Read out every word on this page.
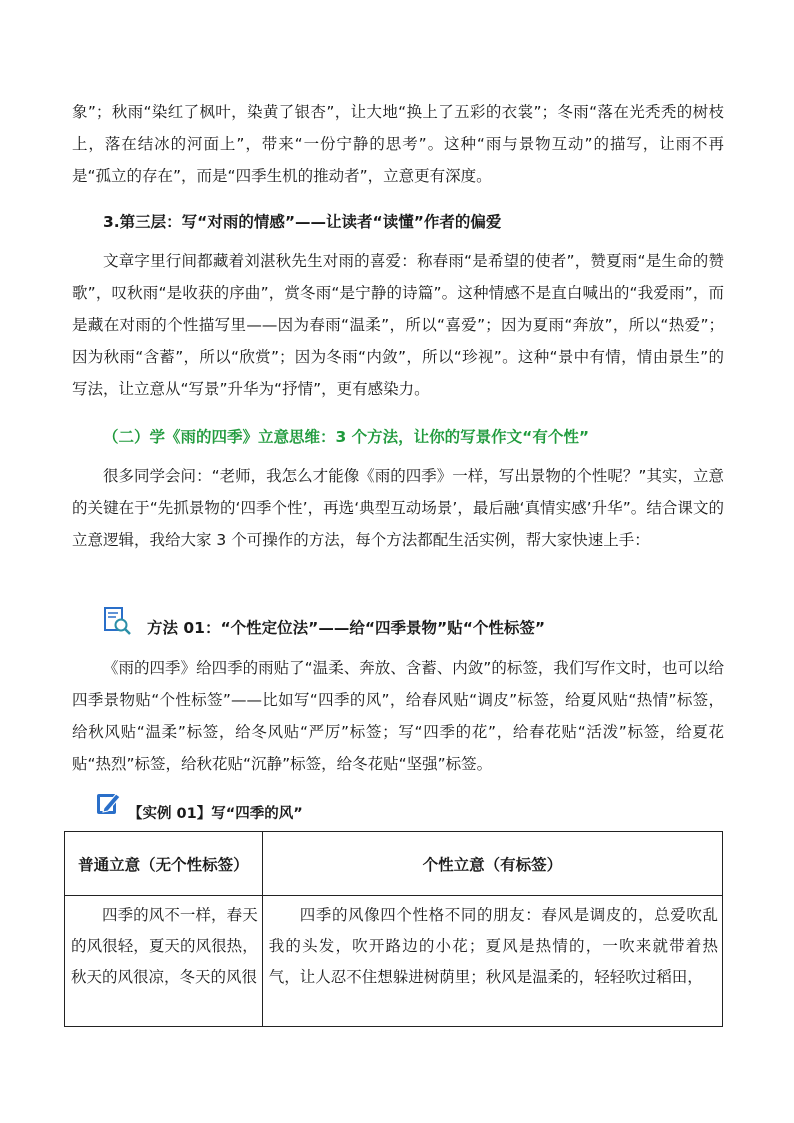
象”；秋雨“染红了枫叶，染黄了银杏”，让大地“换上了五彩的衣裳”；冬雨“落在光秃秃的树枝上，落在结冰的河面上”，带来“一份宁静的思考”。这种“雨与景物互动”的描写，让雨不再是“孤立的存在”，而是“四季生机的推动者”，立意更有深度。

3.第三层：写“对雨的情感”——让读者“读懂”作者的偏爱

文章字里行间都藏着刘湛秋先生对雨的喜爱：称春雨“是希望的使者”，赞夏雨“是生命的赞歌”，叹秋雨“是收获的序曲”，赏冬雨“是宁静的诗篇”。这种情感不是直白喊出的“我爱雨”，而是藏在对雨的个性描写里——因为春雨“温柔”，所以“喜爱”；因为夏雨“奔放”，所以“热爱”；因为秋雨“含蓄”，所以“欣赏”；因为冬雨“内敛”，所以“珍视”。这种“景中有情，情由景生”的写法，让立意从“写景”升华为“抒情”，更有感染力。

（二）学《雨的四季》立意思维：3 个方法，让你的写景作文“有个性”

很多同学会问：“老师，我怎么才能像《雨的四季》一样，写出景物的个性呢？”其实，立意的关键在于“先抓景物的‘四季个性’，再选‘典型互动场景’，最后融‘真情实感’升华”。结合课文的立意逻辑，我给大家 3 个可操作的方法，每个方法都配生活实例，帮大家快速上手：

方法 01：“个性定位法”——给“四季景物”贴“个性标签”

《雨的四季》给四季的雨贴了“温柔、奔放、含蓄、内敛”的标签，我们写作文时，也可以给四季景物贴“个性标签”——比如写“四季的风”，给春风贴“调皮”标签，给夏风贴“热情”标签，给秋风贴“温柔”标签，给冬风贴“严厉”标签；写“四季的花”，给春花贴“活泼”标签，给夏花贴“热烈”标签，给秋花贴“沉静”标签，给冬花贴“坚强”标签。

【实例 01】写“四季的风”
普通立意（无个性标签）	个性立意（有标签）

四季的风不一样，春天的风很轻，夏天的风很热，秋天的风很凉，冬天的风很	四季的风像四个性格不同的朋友：春风是调皮的，总爱吹乱我的头发，吹开路边的小花；夏风是热情的，一吹来就带着热气，让人忍不住想躲进树荫里；秋风是温柔的，轻轻吹过稻田，
